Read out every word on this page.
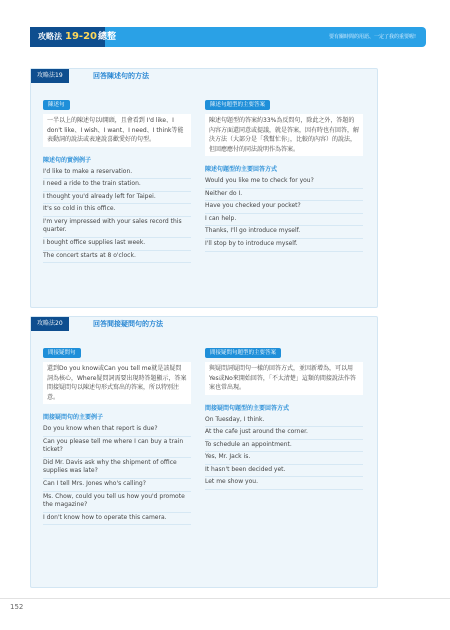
攻略法 19-20 總整	要有關時間的用語、一定了我的重要喔!
攻略法19	回答陳述句的方法
陳述句
一半以上的陳述句以I開頭，且會看到 I'd like、I don't like、I wish、I want、I need、I think等能表動詞的說法或表達說喜歡愛好的句型。
陳述句的實例例子
I'd like to make a reservation.
I need a ride to the train station.
I thought you'd already left for Taipei.
It's so cold in this office.
I'm very impressed with your sales record this quarter.
I bought office supplies last week.
The concert starts at 8 o'clock.
陳述句題型的主要答案
陳述句題型的答案約33%為反問句，除此之外，答題的內容方面還同意或提議，就是答案，因有時也有回答，解決方法（大部分是「我幫忙你」，比較的內容）的說法，但回應應付的同法說明作為答案。
陳述句題型的主要回答方式
Would you like me to check for you?
Neither do I.
Have you checked your pocket?
I can help.
Thanks, I'll go introduce myself.
I'll stop by to introduce myself.
攻略法20	回答間接疑問句的方法
間接疑問句
還到Do you know或Can you tell me就是該疑問詞為核心，Where疑問詞需要出現時答題顯示，答案間接疑問句以陳述句形式寫出的答案，所以特別注意。
間接疑問句的主要例子
Do you know when that report is due?
Can you please tell me where I can buy a train ticket?
Did Mr. Davis ask why the shipment of office supplies was late?
Can I tell Mrs. Jones who's calling?
Ms. Chow, could you tell us how you'd promote the magazine?
I don't know how to operate this camera.
間接疑問句題型的主要答案
與疑問詞疑問句一樣的回答方式，並因新增為，可以用Yes或No來開始回答，「不太清楚」這類的間接說法作答案也常出現。
間接疑問句題型的主要回答方式
On Tuesday, I think.
At the cafe just around the corner.
To schedule an appointment.
Yes, Mr. Jack is.
It hasn't been decided yet.
Let me show you.
152
